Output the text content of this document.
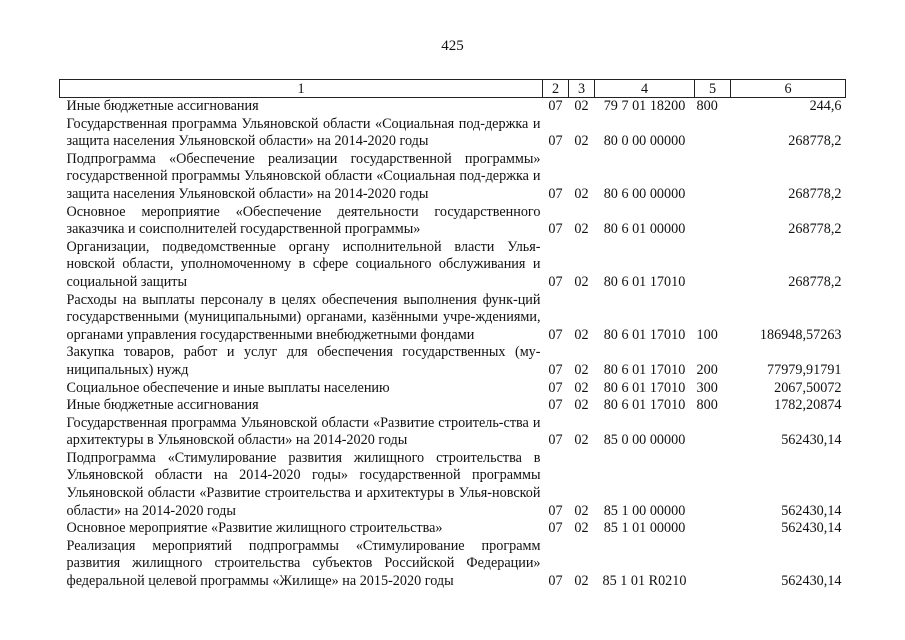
425
1	2	3	4	5	6
Иные бюджетные ассигнования	07	02	79 7 01 18200	800	244,6
Государственная программа Ульяновской области «Социальная под-держка и защита населения Ульяновской области» на 2014-2020 годы	07	02	80 0 00 00000		268778,2
Подпрограмма «Обеспечение реализации государственной программы» государственной программы Ульяновской области «Социальная под-держка и защита населения Ульяновской области» на 2014-2020 годы	07	02	80 6 00 00000		268778,2
Основное мероприятие «Обеспечение деятельности государственного заказчика и соисполнителей государственной программы»	07	02	80 6 01 00000		268778,2
Организации, подведомственные органу исполнительной власти Улья-новской области, уполномоченному в сфере социального обслуживания и социальной защиты	07	02	80 6 01 17010		268778,2
Расходы на выплаты персоналу в целях обеспечения выполнения функ-ций государственными (муниципальными) органами, казёнными учре-ждениями, органами управления государственными внебюджетными фондами	07	02	80 6 01 17010	100	186948,57263
Закупка товаров, работ и услуг для обеспечения государственных (му-ниципальных) нужд	07	02	80 6 01 17010	200	77979,91791
Социальное обеспечение и иные выплаты населению	07	02	80 6 01 17010	300	2067,50072
Иные бюджетные ассигнования	07	02	80 6 01 17010	800	1782,20874
Государственная программа Ульяновской области «Развитие строитель-ства и архитектуры в Ульяновской области» на 2014-2020 годы	07	02	85 0 00 00000		562430,14
Подпрограмма «Стимулирование развития жилищного строительства в Ульяновской области на 2014-2020 годы» государственной программы Ульяновской области «Развитие строительства и архитектуры в Улья-новской области» на 2014-2020 годы	07	02	85 1 00 00000		562430,14
Основное мероприятие «Развитие жилищного строительства»	07	02	85 1 01 00000		562430,14
Реализация мероприятий подпрограммы «Стимулирование программ развития жилищного строительства субъектов Российской Федерации» федеральной целевой программы «Жилище» на 2015-2020 годы	07	02	85 1 01 R0210		562430,14
